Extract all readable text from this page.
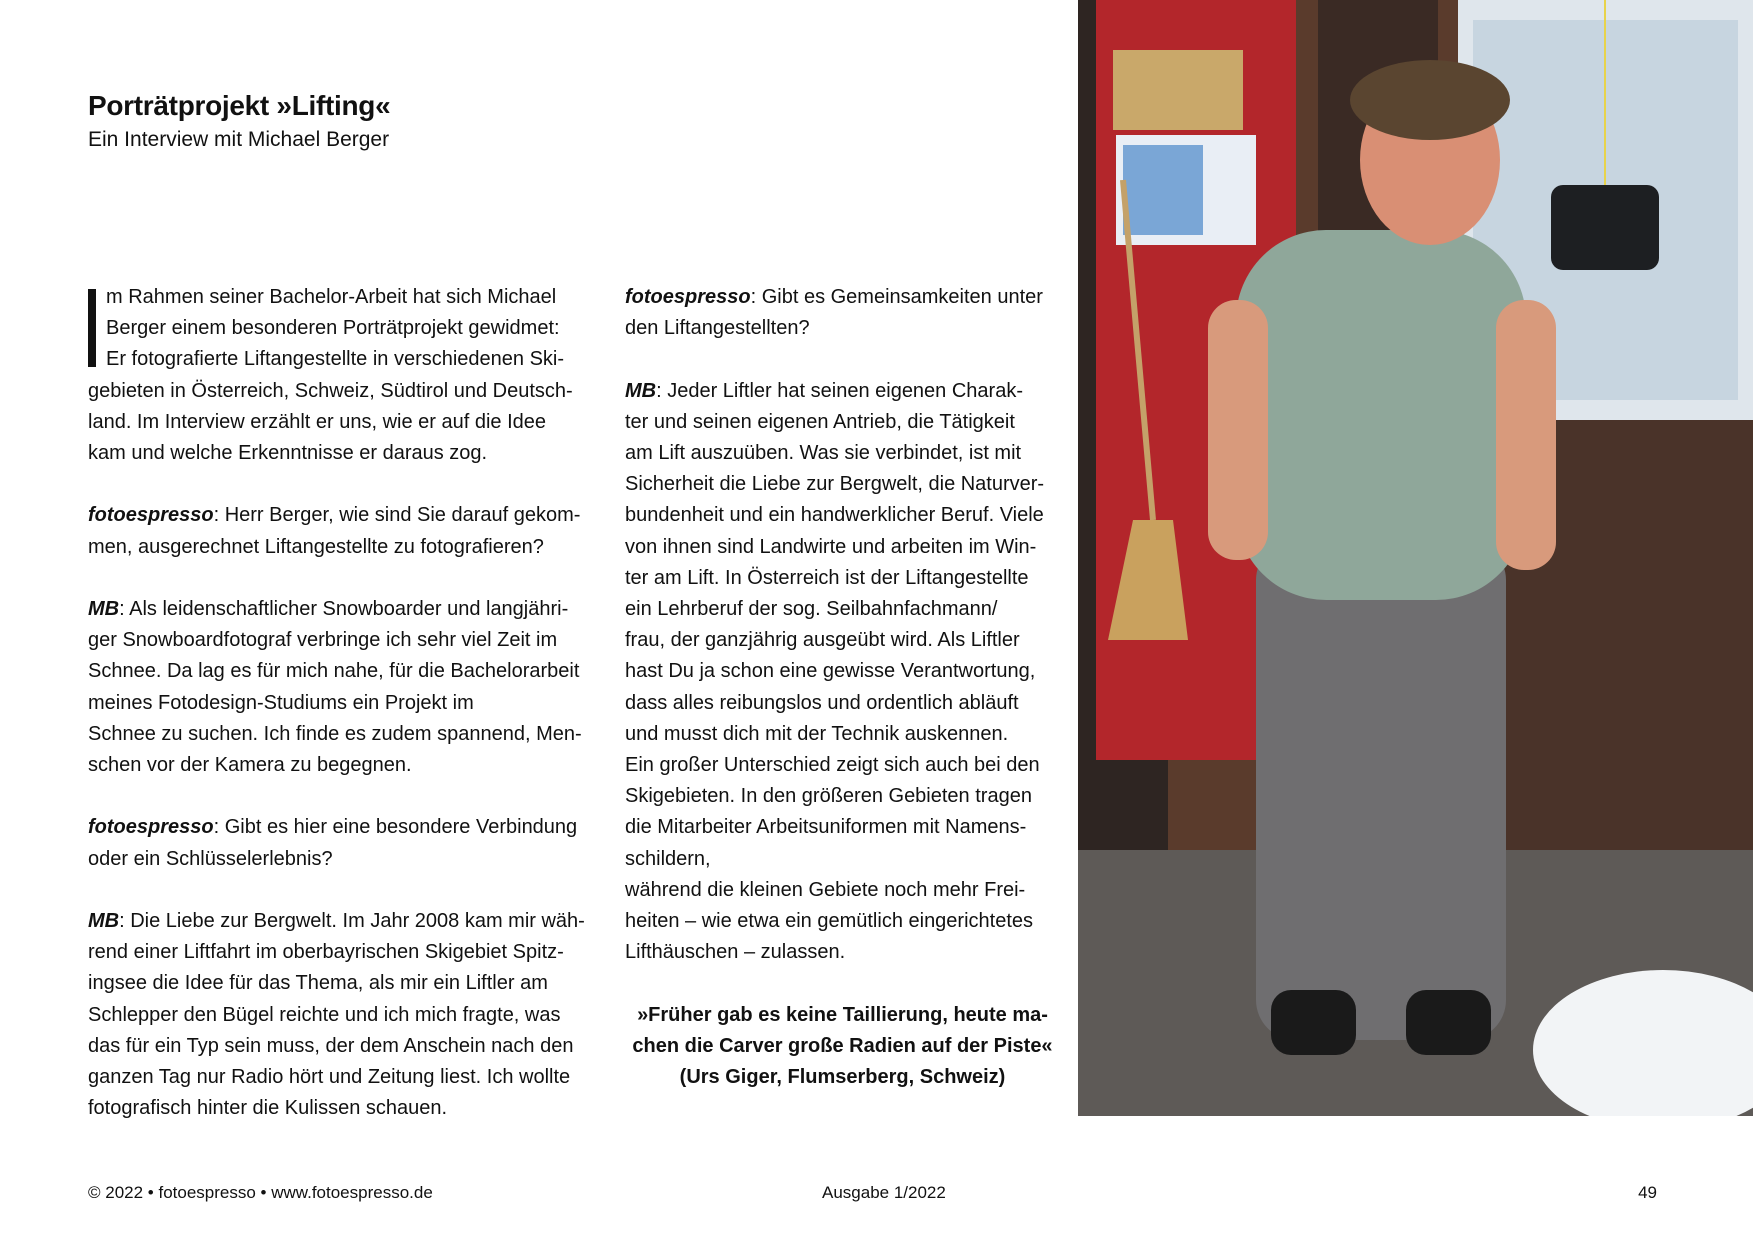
Porträtprojekt »Lifting«

Ein Interview mit Michael Berger

m Rahmen seiner Bachelor-Arbeit hat sich Michael
Berger einem besonderen Porträtprojekt gewidmet:
Er fotografierte Liftangestellte in verschiedenen Ski-
gebieten in Österreich, Schweiz, Südtirol und Deutsch-
land. Im Interview erzählt er uns, wie er auf die Idee
kam und welche Erkenntnisse er daraus zog.

fotoespresso: Herr Berger, wie sind Sie darauf gekom-
men, ausgerechnet Liftangestellte zu fotografieren?

MB: Als leidenschaftlicher Snowboarder und langjähri-
ger Snowboardfotograf verbringe ich sehr viel Zeit im
Schnee. Da lag es für mich nahe, für die Bachelorarbeit
meines Fotodesign-Studiums ein Projekt im
Schnee zu suchen. Ich finde es zudem spannend, Men-
schen vor der Kamera zu begegnen.

fotoespresso: Gibt es hier eine besondere Verbindung
oder ein Schlüsselerlebnis?

MB: Die Liebe zur Bergwelt. Im Jahr 2008 kam mir wäh-
rend einer Liftfahrt im oberbayrischen Skigebiet Spitz-
ingsee die Idee für das Thema, als mir ein Liftler am
Schlepper den Bügel reichte und ich mich fragte, was
das für ein Typ sein muss, der dem Anschein nach den
ganzen Tag nur Radio hört und Zeitung liest. Ich wollte
fotografisch hinter die Kulissen schauen.

fotoespresso: Gibt es Gemeinsamkeiten unter
den Liftangestellten?

MB: Jeder Liftler hat seinen eigenen Charak-
ter und seinen eigenen Antrieb, die Tätigkeit
am Lift auszuüben. Was sie verbindet, ist mit
Sicherheit die Liebe zur Bergwelt, die Naturver-
bundenheit und ein handwerklicher Beruf. Viele
von ihnen sind Landwirte und arbeiten im Win-
ter am Lift. In Österreich ist der Liftangestellte
ein Lehrberuf der sog. Seilbahnfachmann/
frau, der ganzjährig ausgeübt wird. Als Liftler
hast Du ja schon eine gewisse Verantwortung,
dass alles reibungslos und ordentlich abläuft
und musst dich mit der Technik auskennen.
Ein großer Unterschied zeigt sich auch bei den
Skigebieten. In den größeren Gebieten tragen
die Mitarbeiter Arbeitsuniformen mit Namens-
schildern,
während die kleinen Gebiete noch mehr Frei-
heiten – wie etwa ein gemütlich eingerichtetes
Lifthäuschen – zulassen.

»Früher gab es keine Taillierung, heute ma-
chen die Carver große Radien auf der Piste«
(Urs Giger, Flumserberg, Schweiz)
© 2022 • fotoespresso • www.fotoespresso.de	Ausgabe 1/2022	49
